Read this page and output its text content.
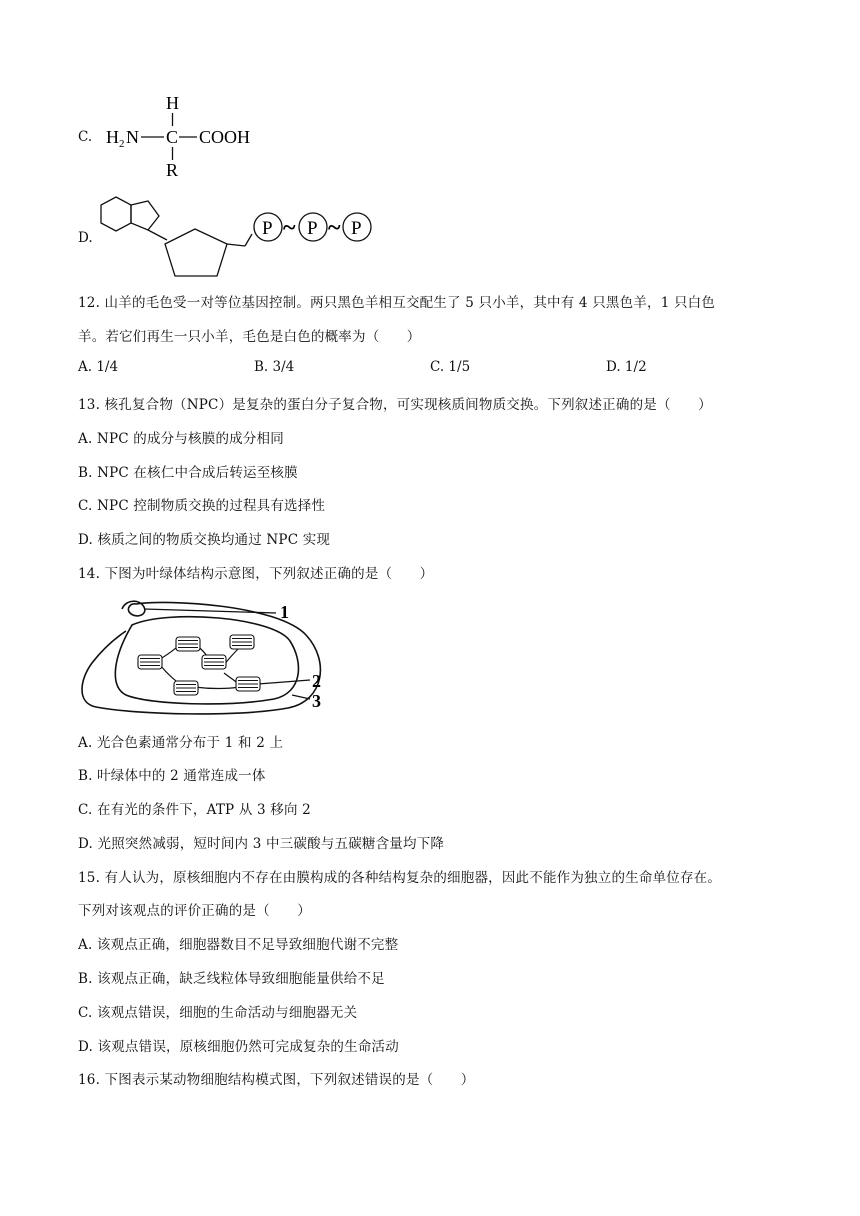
C.
H
H 2 N C COOH
R
D.	P ~ P ~ P
12. 山羊的毛色受一对等位基因控制。两只黑色羊相互交配生了 5 只小羊，其中有 4 只黑色羊，1 只白色
羊。若它们再生一只小羊，毛色是白色的概率为（　　）
A. 1/4	B. 3/4	C. 1/5	D. 1/2
13. 核孔复合物（NPC）是复杂的蛋白分子复合物，可实现核质间物质交换。下列叙述正确的是（　　）
A. NPC 的成分与核膜的成分相同
B. NPC 在核仁中合成后转运至核膜
C. NPC 控制物质交换的过程具有选择性
D. 核质之间的物质交换均通过 NPC 实现
14. 下图为叶绿体结构示意图，下列叙述正确的是（　　）
1
2
3
A. 光合色素通常分布于 1 和 2 上
B. 叶绿体中的 2 通常连成一体
C. 在有光的条件下，ATP 从 3 移向 2
D. 光照突然减弱，短时间内 3 中三碳酸与五碳糖含量均下降
15. 有人认为，原核细胞内不存在由膜构成的各种结构复杂的细胞器，因此不能作为独立的生命单位存在。
下列对该观点的评价正确的是（　　）
A. 该观点正确，细胞器数目不足导致细胞代谢不完整
B. 该观点正确，缺乏线粒体导致细胞能量供给不足
C. 该观点错误，细胞的生命活动与细胞器无关
D. 该观点错误，原核细胞仍然可完成复杂的生命活动
16. 下图表示某动物细胞结构模式图，下列叙述错误的是（　　）
